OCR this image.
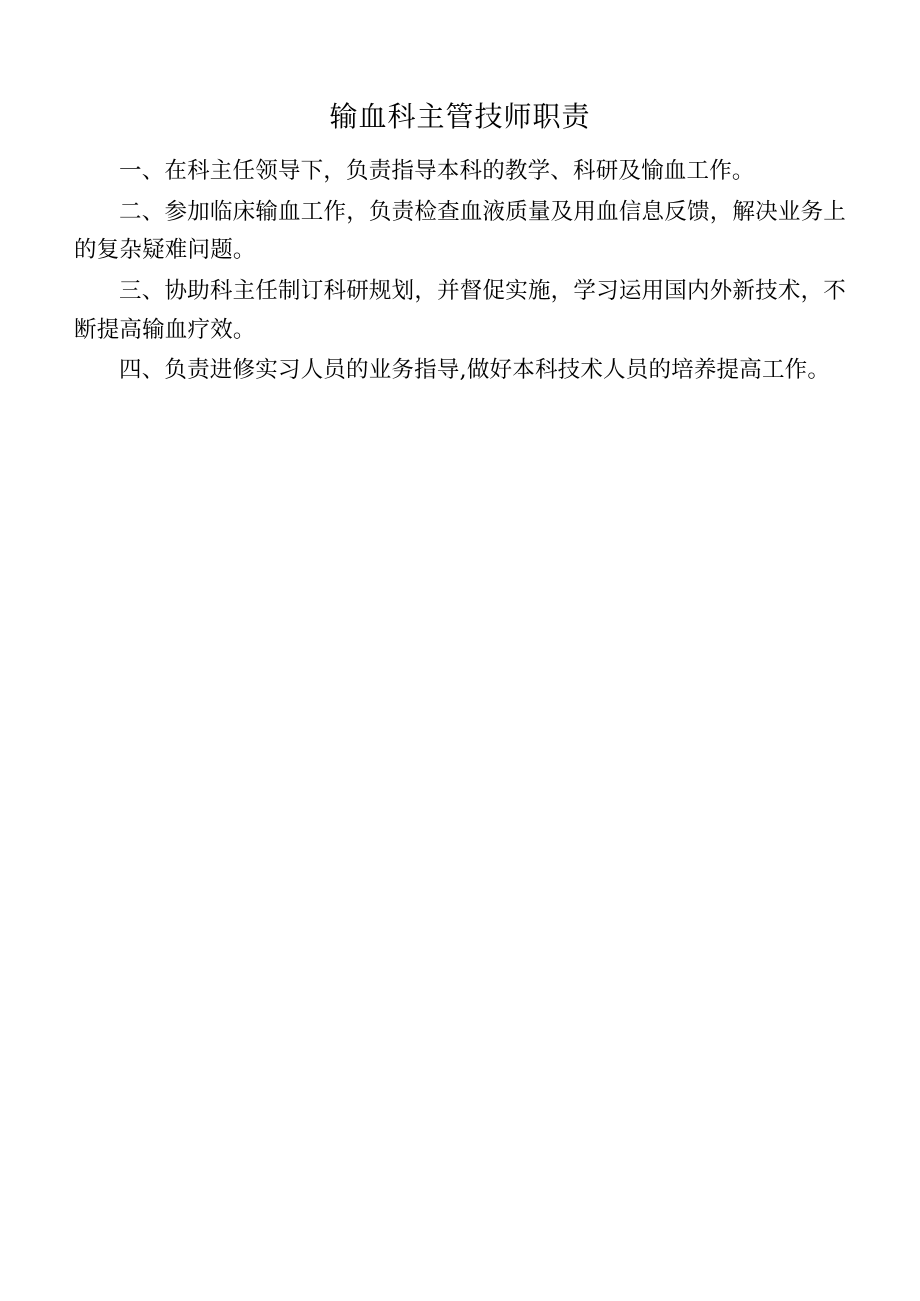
输血科主管技师职责

一、在科主任领导下，负责指导本科的教学、科研及愉血工作。

二、参加临床输血工作，负责检查血液质量及用血信息反馈，解决业务上的复杂疑难问题。

三、协助科主任制订科研规划，并督促实施，学习运用国内外新技术，不断提高输血疗效。

四、负责进修实习人员的业务指导,做好本科技术人员的培养提高工作。
